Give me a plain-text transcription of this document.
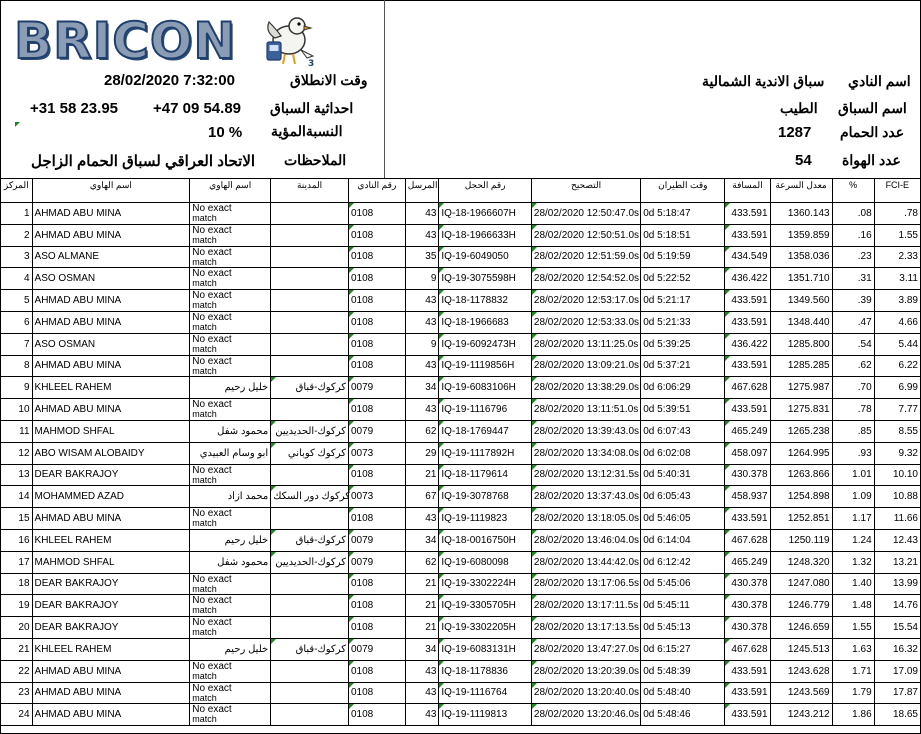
BRICON	3
وقت الانطلاق
28/02/2020 7:32:00
احداثية السباق
+47 09 54.89
+31 58 23.95
النسبةالمؤية
10 %
الملاحظات
الاتحاد العراقي لسباق الحمام الزاجل
اسم النادي
سباق الاندية الشمالية
اسم السباق
الطيب
عدد الحمام
1287
عدد الهواة
54
المركز	اسم الهاوي	اسم الهاوي	المدينة	رقم النادي	المرسل	رقم الحجل	التصحيح	وقت الطيران	المسافة	معدل السرعة	%	FCI-E
1	AHMAD ABU MINA	No exact
match		0108	43	IQ-18-1966607H	28/02/2020 12:50:47.0s	0d 5:18:47	433.591	1360.143	.08	.78
2	AHMAD ABU MINA	No exact
match		0108	43	IQ-18-1966633H	28/02/2020 12:50:51.0s	0d 5:18:51	433.591	1359.859	.16	1.55
3	ASO ALMANE	No exact
match		0108	35	IQ-19-6049050	28/02/2020 12:51:59.0s	0d 5:19:59	434.549	1358.036	.23	2.33
4	ASO OSMAN	No exact
match		0108	9	IQ-19-3075598H	28/02/2020 12:54:52.0s	0d 5:22:52	436.422	1351.710	.31	3.11
5	AHMAD ABU MINA	No exact
match		0108	43	IQ-18-1178832	28/02/2020 12:53:17.0s	0d 5:21:17	433.591	1349.560	.39	3.89
6	AHMAD ABU MINA	No exact
match		0108	43	IQ-18-1966683	28/02/2020 12:53:33.0s	0d 5:21:33	433.591	1348.440	.47	4.66
7	ASO OSMAN	No exact
match		0108	9	IQ-19-6092473H	28/02/2020 13:11:25.0s	0d 5:39:25	436.422	1285.800	.54	5.44
8	AHMAD ABU MINA	No exact
match		0108	43	IQ-19-1119856H	28/02/2020 13:09:21.0s	0d 5:37:21	433.591	1285.285	.62	6.22
9	KHLEEL RAHEM	خليل رحيم	كركوك-قباق	0079	34	IQ-19-6083106H	28/02/2020 13:38:29.0s	0d 6:06:29	467.628	1275.987	.70	6.99
10	AHMAD ABU MINA	No exact
match		0108	43	IQ-19-1116796	28/02/2020 13:11:51.0s	0d 5:39:51	433.591	1275.831	.78	7.77
11	MAHMOD SHFAL	محمود شفل	كركوك-الحديديين	0079	62	IQ-18-1769447	28/02/2020 13:39:43.0s	0d 6:07:43	465.249	1265.238	.85	8.55
12	ABO WISAM ALOBAIDY	ابو وسام العبيدي	كركوك كوباني	0073	29	IQ-19-1117892H	28/02/2020 13:34:08.0s	0d 6:02:08	458.097	1264.995	.93	9.32
13	DEAR BAKRAJOY	No exact
match		0108	21	IQ-18-1179614	28/02/2020 13:12:31.5s	0d 5:40:31	430.378	1263.866	1.01	10.10
14	MOHAMMED AZAD	محمد ازاد	كركوك دور السكك	0073	67	IQ-19-3078768	28/02/2020 13:37:43.0s	0d 6:05:43	458.937	1254.898	1.09	10.88
15	AHMAD ABU MINA	No exact
match		0108	43	IQ-19-1119823	28/02/2020 13:18:05.0s	0d 5:46:05	433.591	1252.851	1.17	11.66
16	KHLEEL RAHEM	خليل رحيم	كركوك-قباق	0079	34	IQ-18-0016750H	28/02/2020 13:46:04.0s	0d 6:14:04	467.628	1250.119	1.24	12.43
17	MAHMOD SHFAL	محمود شفل	كركوك-الحديديين	0079	62	IQ-19-6080098	28/02/2020 13:44:42.0s	0d 6:12:42	465.249	1248.320	1.32	13.21
18	DEAR BAKRAJOY	No exact
match		0108	21	IQ-19-3302224H	28/02/2020 13:17:06.5s	0d 5:45:06	430.378	1247.080	1.40	13.99
19	DEAR BAKRAJOY	No exact
match		0108	21	IQ-19-3305705H	28/02/2020 13:17:11.5s	0d 5:45:11	430.378	1246.779	1.48	14.76
20	DEAR BAKRAJOY	No exact
match		0108	21	IQ-19-3302205H	28/02/2020 13:17:13.5s	0d 5:45:13	430.378	1246.659	1.55	15.54
21	KHLEEL RAHEM	خليل رحيم	كركوك-قباق	0079	34	IQ-19-6083131H	28/02/2020 13:47:27.0s	0d 6:15:27	467.628	1245.513	1.63	16.32
22	AHMAD ABU MINA	No exact
match		0108	43	IQ-18-1178836	28/02/2020 13:20:39.0s	0d 5:48:39	433.591	1243.628	1.71	17.09
23	AHMAD ABU MINA	No exact
match		0108	43	IQ-19-1116764	28/02/2020 13:20:40.0s	0d 5:48:40	433.591	1243.569	1.79	17.87
24	AHMAD ABU MINA	No exact
match		0108	43	IQ-19-1119813	28/02/2020 13:20:46.0s	0d 5:48:46	433.591	1243.212	1.86	18.65
